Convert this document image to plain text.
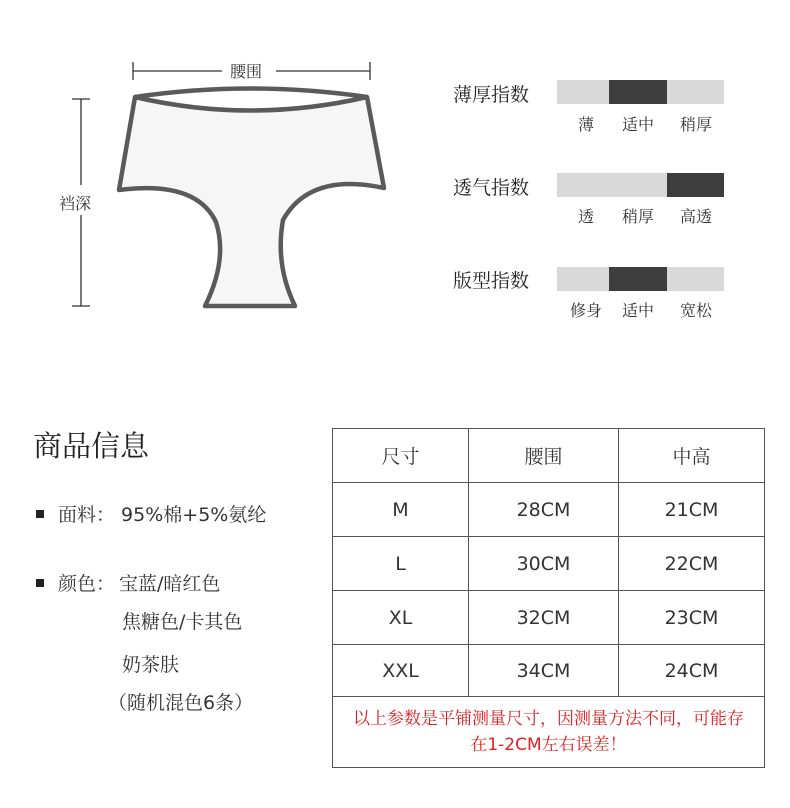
腰围
裆深
薄厚指数
薄	适中	稍厚
透气指数
透	稍厚	高透
版型指数
修身	适中	宽松
商品信息
面料： 95%棉+5%氨纶
颜色： 宝蓝/暗红色
焦糖色/卡其色
奶茶肤
（随机混色6条）
尺寸	腰围	中高
M	28CM	21CM
L	30CM	22CM
XL	32CM	23CM
XXL	34CM	24CM
以上参数是平铺测量尺寸，因测量方法不同，可能存在1-2CM左右误差！
